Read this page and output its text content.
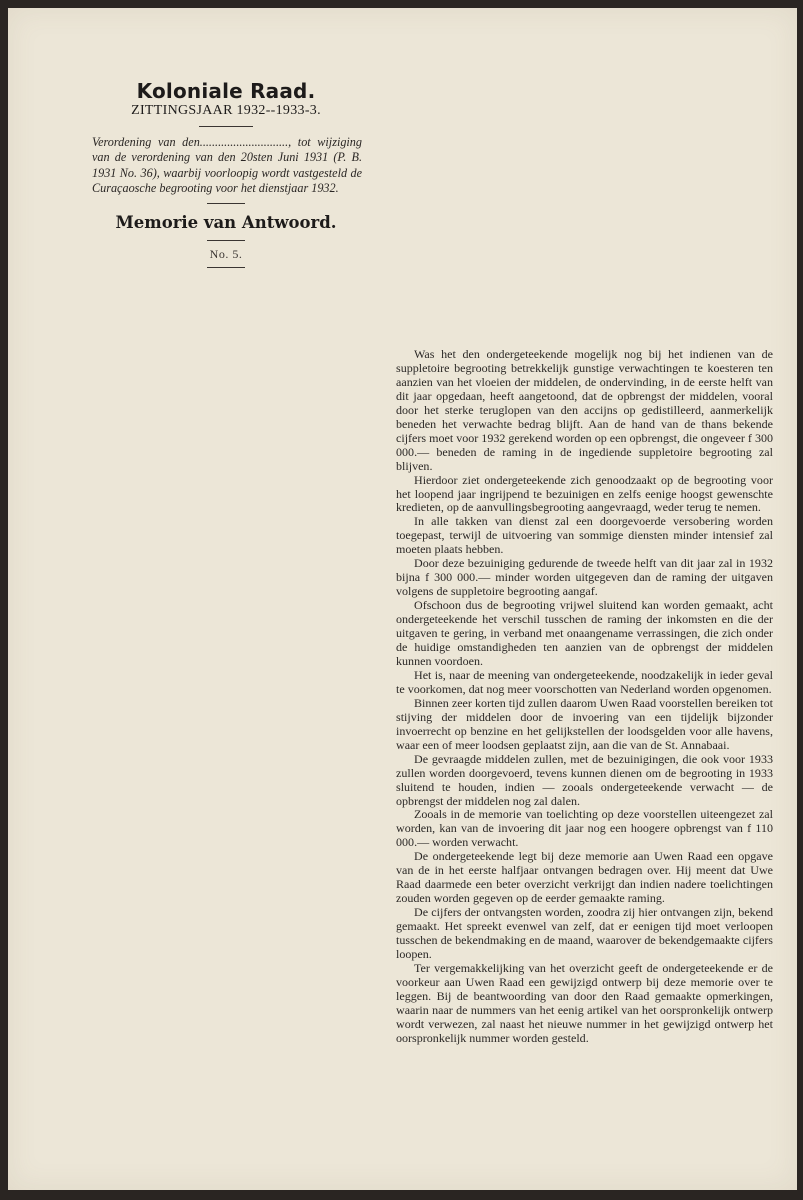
Koloniale Raad.
ZITTINGSJAAR 1932--1933-3.
Verordening van den............................., tot wijziging van de verordening van den 20sten Juni 1931 (P. B. 1931 No. 36), waarbij voorloopig wordt vastgesteld de Curaçaosche begrooting voor het dienstjaar 1932.
Memorie van Antwoord.
No. 5.

Was het den ondergeteekende mogelijk nog bij het indienen van de suppletoire begrooting betrekkelijk gunstige verwachtingen te koesteren ten aanzien van het vloeien der middelen, de ondervinding, in de eerste helft van dit jaar opgedaan, heeft aangetoond, dat de opbrengst der middelen, vooral door het sterke teruglopen van den accijns op gedistilleerd, aanmerkelijk beneden het verwachte bedrag blijft. Aan de hand van de thans bekende cijfers moet voor 1932 gerekend worden op een opbrengst, die ongeveer f 300 000.— beneden de raming in de ingediende suppletoire begrooting zal blijven.

Hierdoor ziet ondergeteekende zich genoodzaakt op de begrooting voor het loopend jaar ingrijpend te bezuinigen en zelfs eenige hoogst gewenschte kredieten, op de aanvullingsbegrooting aangevraagd, weder terug te nemen.

In alle takken van dienst zal een doorgevoerde versobering worden toegepast, terwijl de uitvoering van sommige diensten minder intensief zal moeten plaats hebben.

Door deze bezuiniging gedurende de tweede helft van dit jaar zal in 1932 bijna f 300 000.— minder worden uitgegeven dan de raming der uitgaven volgens de suppletoire begrooting aangaf.

Ofschoon dus de begrooting vrijwel sluitend kan worden gemaakt, acht ondergeteekende het verschil tusschen de raming der inkomsten en die der uitgaven te gering, in verband met onaangename verrassingen, die zich onder de huidige omstandigheden ten aanzien van de opbrengst der middelen kunnen voordoen.

Het is, naar de meening van ondergeteekende, noodzakelijk in ieder geval te voorkomen, dat nog meer voorschotten van Nederland worden opgenomen.

Binnen zeer korten tijd zullen daarom Uwen Raad voorstellen bereiken tot stijving der middelen door de invoering van een tijdelijk bijzonder invoerrecht op benzine en het gelijkstellen der loodsgelden voor alle havens, waar een of meer loodsen geplaatst zijn, aan die van de St. Annabaai.

De gevraagde middelen zullen, met de bezuinigingen, die ook voor 1933 zullen worden doorgevoerd, tevens kunnen dienen om de begrooting in 1933 sluitend te houden, indien — zooals ondergeteekende verwacht — de opbrengst der middelen nog zal dalen.

Zooals in de memorie van toelichting op deze voorstellen uiteengezet zal worden, kan van de invoering dit jaar nog een hoogere opbrengst van f 110 000.— worden verwacht.

De ondergeteekende legt bij deze memorie aan Uwen Raad een opgave van de in het eerste halfjaar ontvangen bedragen over. Hij meent dat Uwe Raad daarmede een beter overzicht verkrijgt dan indien nadere toelichtingen zouden worden gegeven op de eerder gemaakte raming.

De cijfers der ontvangsten worden, zoodra zij hier ontvangen zijn, bekend gemaakt. Het spreekt evenwel van zelf, dat er eenigen tijd moet verloopen tusschen de bekendmaking en de maand, waarover de bekendgemaakte cijfers loopen.

Ter vergemakkelijking van het overzicht geeft de ondergeteekende er de voorkeur aan Uwen Raad een gewijzigd ontwerp bij deze memorie over te leggen. Bij de beantwoording van door den Raad gemaakte opmerkingen, waarin naar de nummers van het eenig artikel van het oorspronkelijk ontwerp wordt verwezen, zal naast het nieuwe nummer in het gewijzigd ontwerp het oorspronkelijk nummer worden gesteld.
